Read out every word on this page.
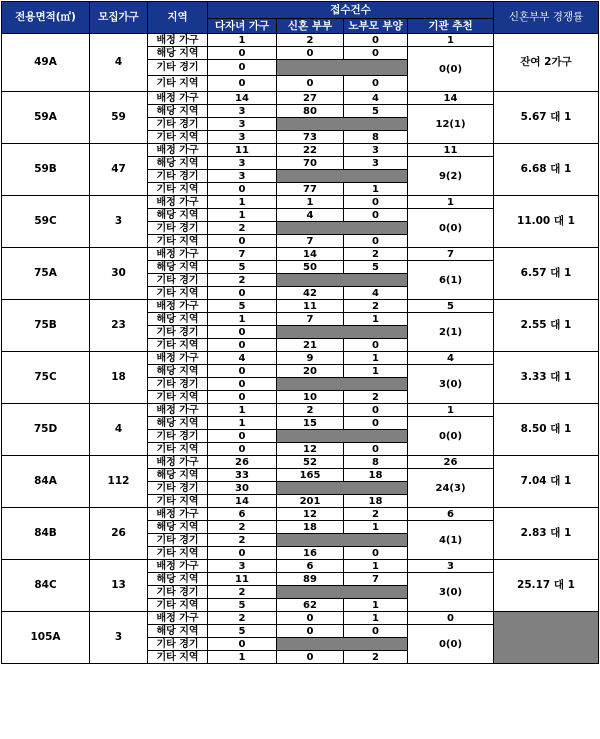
전용면적(㎡)	모집가구	지역	접수건수				신혼부부 경쟁률
			다자녀 가구	신혼 부부	노부모 부양	기관 추천	
49A	4	배정 가구	1	2	0	1	잔여 2가구
		해당 지역	0	0	0	0(0)	
		기타 경기	0				
		기타 지역	0	0	0		
59A	59	배정 가구	14	27	4	14	5.67 대 1
		해당 지역	3	80	5	12(1)	
		기타 경기	3				
		기타 지역	3	73	8		
59B	47	배정 가구	11	22	3	11	6.68 대 1
		해당 지역	3	70	3	9(2)	
		기타 경기	3				
		기타 지역	0	77	1		
59C	3	배정 가구	1	1	0	1	11.00 대 1
		해당 지역	1	4	0	0(0)	
		기타 경기	2				
		기타 지역	0	7	0		
75A	30	배정 가구	7	14	2	7	6.57 대 1
		해당 지역	5	50	5	6(1)	
		기타 경기	2				
		기타 지역	0	42	4		
75B	23	배정 가구	5	11	2	5	2.55 대 1
		해당 지역	1	7	1	2(1)	
		기타 경기	0				
		기타 지역	0	21	0		
75C	18	배정 가구	4	9	1	4	3.33 대 1
		해당 지역	0	20	1	3(0)	
		기타 경기	0				
		기타 지역	0	10	2		
75D	4	배정 가구	1	2	0	1	8.50 대 1
		해당 지역	1	15	0	0(0)	
		기타 경기	0				
		기타 지역	0	12	0		
84A	112	배정 가구	26	52	8	26	7.04 대 1
		해당 지역	33	165	18	24(3)	
		기타 경기	30				
		기타 지역	14	201	18		
84B	26	배정 가구	6	12	2	6	2.83 대 1
		해당 지역	2	18	1	4(1)	
		기타 경기	2				
		기타 지역	0	16	0		
84C	13	배정 가구	3	6	1	3	25.17 대 1
		해당 지역	11	89	7	3(0)	
		기타 경기	2				
		기타 지역	5	62	1		
105A	3	배정 가구	2	0	1	0	
		해당 지역	5	0	0	0(0)	
		기타 경기	0				
		기타 지역	1	0	2		
